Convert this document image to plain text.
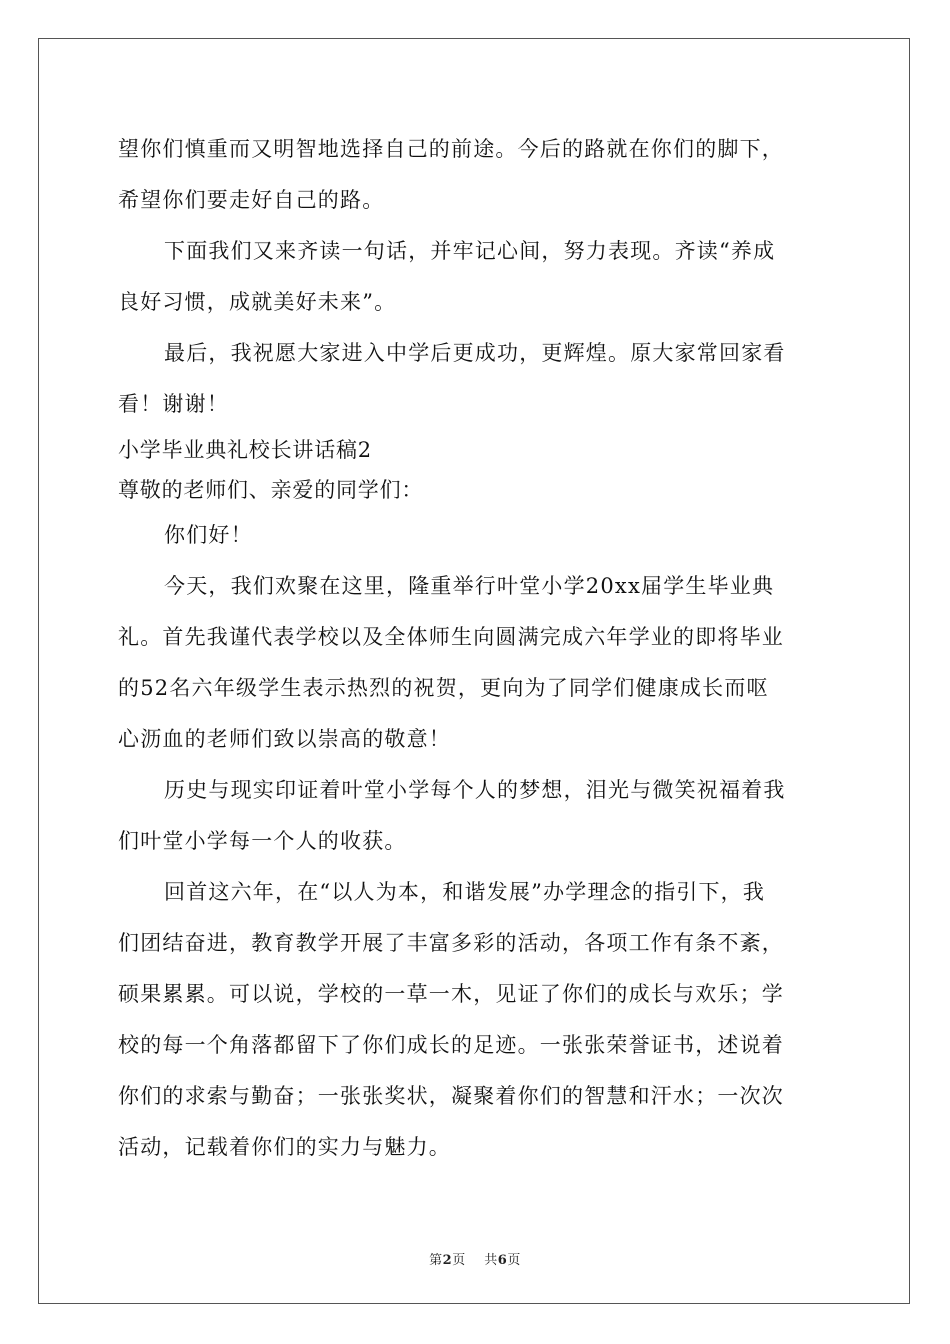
望你们慎重而又明智地选择自己的前途。今后的路就在你们的脚下，
希望你们要走好自己的路。
下面我们又来齐读一句话，并牢记心间，努力表现。齐读“养成
良好习惯，成就美好未来”。
最后，我祝愿大家进入中学后更成功，更辉煌。原大家常回家看
看！谢谢！
小学毕业典礼校长讲话稿2
尊敬的老师们、亲爱的同学们：
你们好！
今天，我们欢聚在这里，隆重举行叶堂小学20xx届学生毕业典
礼。首先我谨代表学校以及全体师生向圆满完成六年学业的即将毕业
的52名六年级学生表示热烈的祝贺，更向为了同学们健康成长而呕
心沥血的老师们致以崇高的敬意！
历史与现实印证着叶堂小学每个人的梦想，泪光与微笑祝福着我
们叶堂小学每一个人的收获。
回首这六年，在“以人为本，和谐发展”办学理念的指引下，我
们团结奋进，教育教学开展了丰富多彩的活动，各项工作有条不紊，
硕果累累。可以说，学校的一草一木，见证了你们的成长与欢乐；学
校的每一个角落都留下了你们成长的足迹。一张张荣誉证书，述说着
你们的求索与勤奋；一张张奖状，凝聚着你们的智慧和汗水；一次次
活动，记载着你们的实力与魅力。
第2页 共6页
